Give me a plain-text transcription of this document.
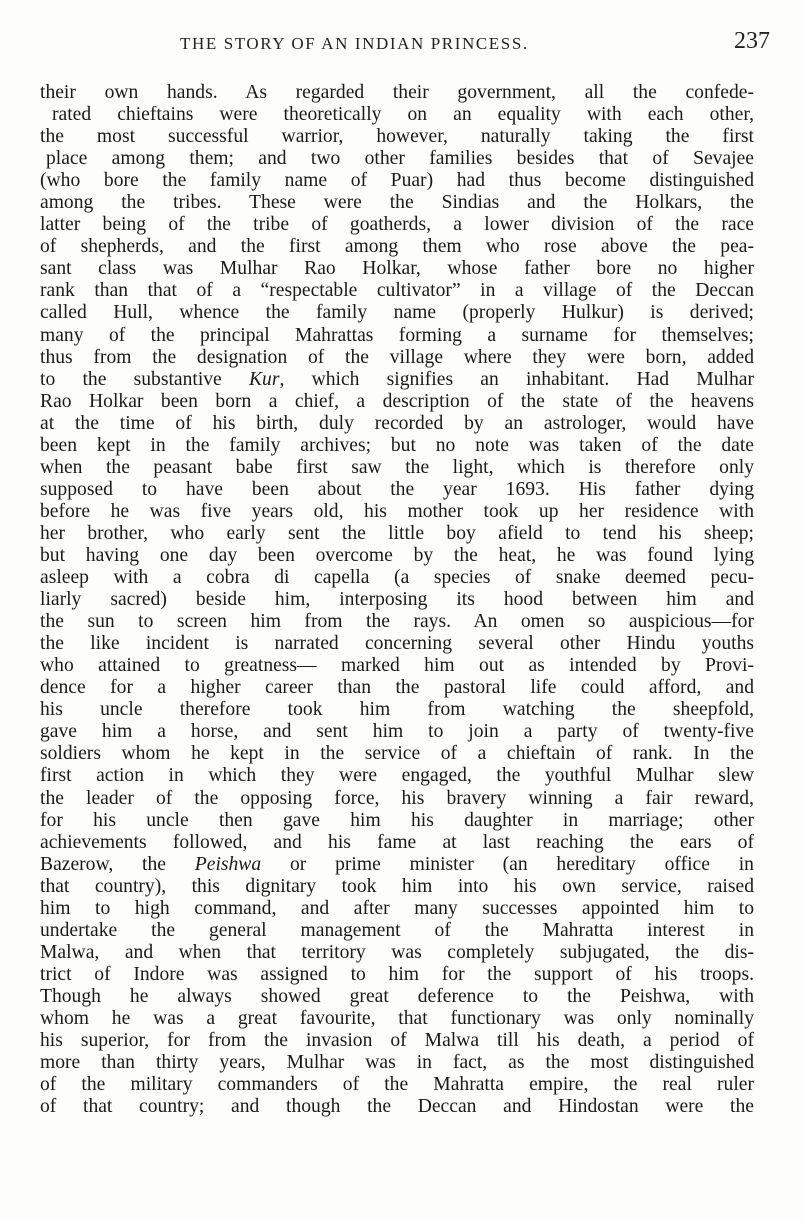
THE STORY OF AN INDIAN PRINCESS.	237
their own hands. As regarded their government, all the confede-
rated chieftains were theoretically on an equality with each other,
the most successful warrior, however, naturally taking the first
place among them; and two other families besides that of Sevajee
(who bore the family name of Puar) had thus become distinguished
among the tribes. These were the Sindias and the Holkars, the
latter being of the tribe of goatherds, a lower division of the race
of shepherds, and the first among them who rose above the pea-
sant class was Mulhar Rao Holkar, whose father bore no higher
rank than that of a “respectable cultivator” in a village of the Deccan
called Hull, whence the family name (properly Hulkur) is derived;
many of the principal Mahrattas forming a surname for themselves;
thus from the designation of the village where they were born, added
to the substantive Kur, which signifies an inhabitant. Had Mulhar
Rao Holkar been born a chief, a description of the state of the heavens
at the time of his birth, duly recorded by an astrologer, would have
been kept in the family archives; but no note was taken of the date
when the peasant babe first saw the light, which is therefore only
supposed to have been about the year 1693. His father dying
before he was five years old, his mother took up her residence with
her brother, who early sent the little boy afield to tend his sheep;
but having one day been overcome by the heat, he was found lying
asleep with a cobra di capella (a species of snake deemed pecu-
liarly sacred) beside him, interposing its hood between him and
the sun to screen him from the rays. An omen so auspicious—for
the like incident is narrated concerning several other Hindu youths
who attained to greatness— marked him out as intended by Provi-
dence for a higher career than the pastoral life could afford, and
his uncle therefore took him from watching the sheepfold,
gave him a horse, and sent him to join a party of twenty-five
soldiers whom he kept in the service of a chieftain of rank. In the
first action in which they were engaged, the youthful Mulhar slew
the leader of the opposing force, his bravery winning a fair reward,
for his uncle then gave him his daughter in marriage; other
achievements followed, and his fame at last reaching the ears of
Bazerow, the Peishwa or prime minister (an hereditary office in
that country), this dignitary took him into his own service, raised
him to high command, and after many successes appointed him to
undertake the general management of the Mahratta interest in
Malwa, and when that territory was completely subjugated, the dis-
trict of Indore was assigned to him for the support of his troops.
Though he always showed great deference to the Peishwa, with
whom he was a great favourite, that functionary was only nominally
his superior, for from the invasion of Malwa till his death, a period of
more than thirty years, Mulhar was in fact, as the most distinguished
of the military commanders of the Mahratta empire, the real ruler
of that country; and though the Deccan and Hindostan were the
